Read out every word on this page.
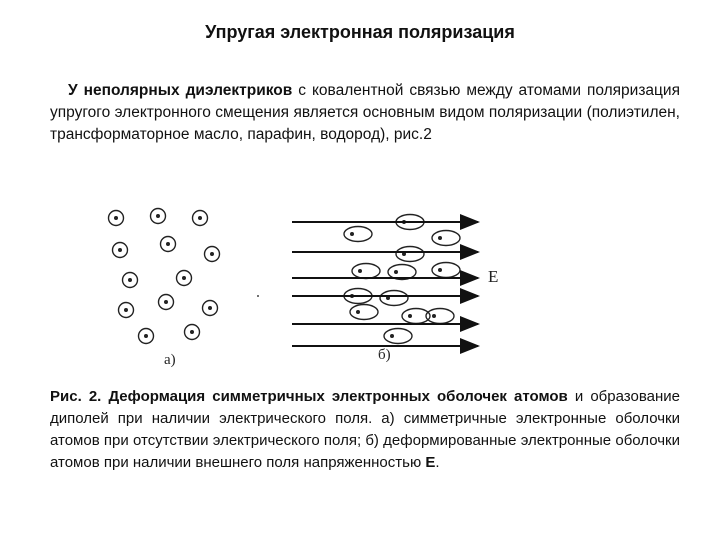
Упругая электронная поляризация
У неполярных диэлектриков с ковалентной связью между атомами поляризация упругого электронного смещения является основным видом поляризации (полиэтилен, трансформаторное масло, парафин, водород), рис.2
а)	б)
E
Рис. 2. Деформация симметричных электронных оболочек атомов и образование диполей при наличии электрического поля. а) симметричные электронные оболочки атомов при отсутствии электрического поля; б) деформированные электронные оболочки атомов при наличии внешнего поля напряженностью Е.
